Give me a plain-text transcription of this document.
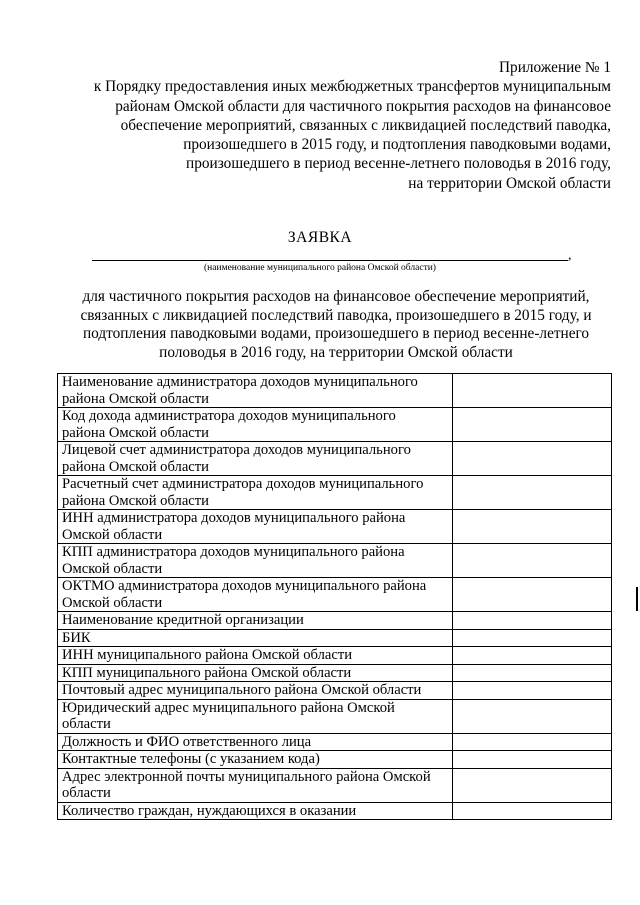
Приложение № 1
к Порядку предоставления иных межбюджетных трансфертов муниципальным
районам Омской области для частичного покрытия расходов на финансовое
обеспечение мероприятий, связанных с ликвидацией последствий паводка,
произошедшего в 2015 году, и подтопления паводковыми водами,
произошедшего в период весенне-летнего половодья в 2016 году,
на территории Омской области
ЗАЯВКА
,
(наименование муниципального района Омской области)
для частичного покрытия расходов на финансовое обеспечение мероприятий,
связанных с ликвидацией последствий паводка, произошедшего в 2015 году, и
подтопления паводковыми водами, произошедшего в период весенне-летнего
половодья в 2016 году, на территории Омской области
Наименование администратора доходов муниципального
района Омской области	

Код дохода администратора доходов муниципального
района Омской области	

Лицевой счет администратора доходов муниципального
района Омской области	

Расчетный счет администратора доходов муниципального
района Омской области	

ИНН администратора доходов муниципального района
Омской области	

КПП администратора доходов муниципального района
Омской области	

ОКТМО администратора доходов муниципального района
Омской области	

Наименование кредитной организации	

БИК	

ИНН муниципального района Омской области	

КПП муниципального района Омской области	

Почтовый адрес муниципального района Омской области	

Юридический адрес муниципального района Омской
области	

Должность и ФИО ответственного лица	

Контактные телефоны (с указанием кода)	

Адрес электронной почты муниципального района Омской
области	

Количество граждан, нуждающихся в оказании	
